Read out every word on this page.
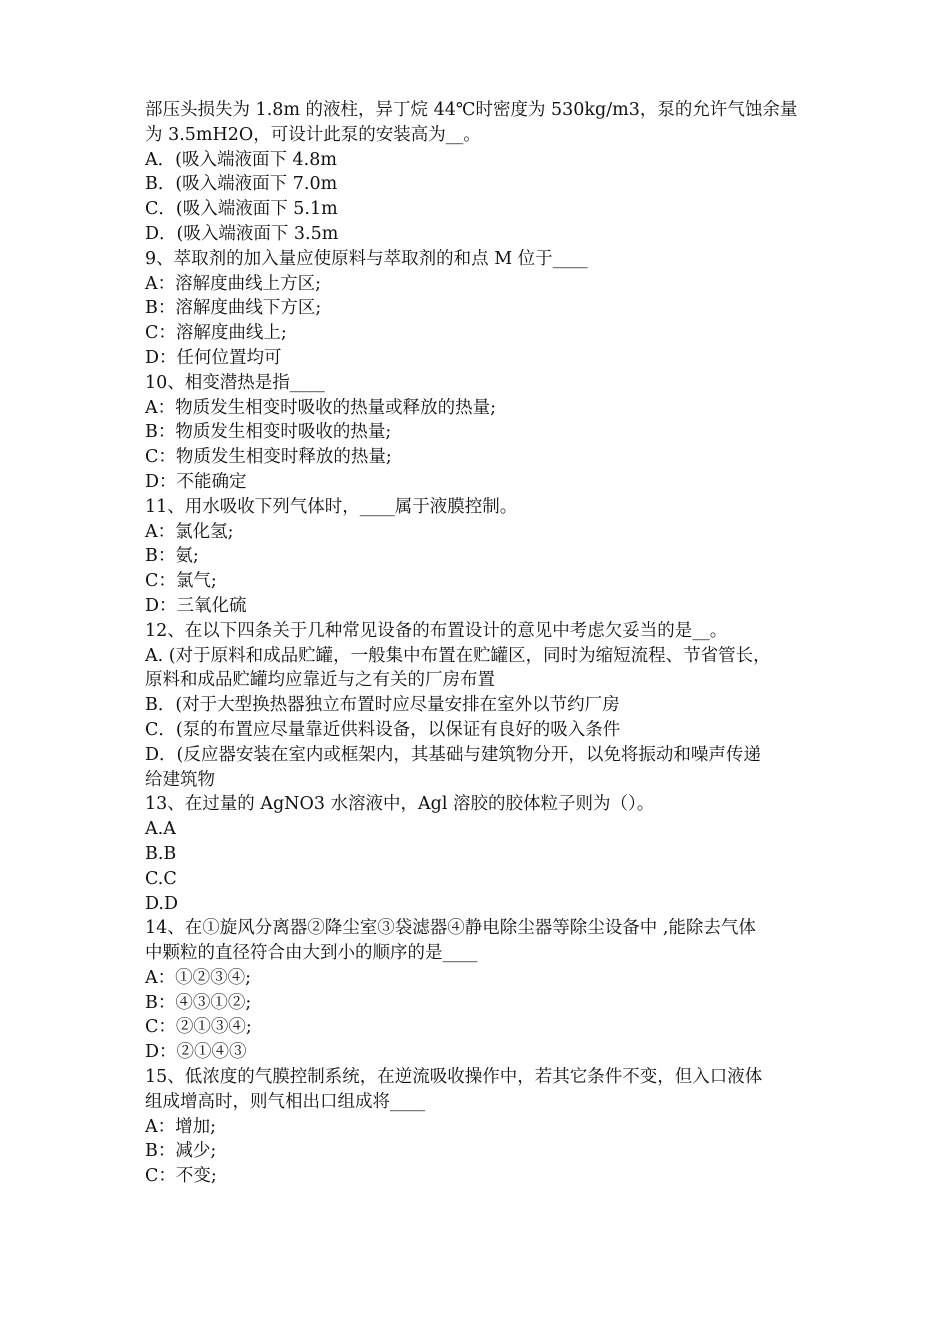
部压头损失为 1.8m 的液柱，异丁烷 44℃时密度为 530kg/m3，泵的允许气蚀余量
为 3.5mH2O，可设计此泵的安装高为__。
A．(吸入端液面下 4.8m
B．(吸入端液面下 7.0m
C．(吸入端液面下 5.1m
D．(吸入端液面下 3.5m
9、萃取剂的加入量应使原料与萃取剂的和点 M 位于____
A：溶解度曲线上方区;
B：溶解度曲线下方区;
C：溶解度曲线上;
D：任何位置均可
10、相变潜热是指____
A：物质发生相变时吸收的热量或释放的热量;
B：物质发生相变时吸收的热量;
C：物质发生相变时释放的热量;
D：不能确定
11、用水吸收下列气体时，____属于液膜控制。
A：氯化氢;
B：氨;
C：氯气;
D：三氧化硫
12、在以下四条关于几种常见设备的布置设计的意见中考虑欠妥当的是__。
A. (对于原料和成品贮罐，一般集中布置在贮罐区，同时为缩短流程、节省管长，
原料和成品贮罐均应靠近与之有关的厂房布置
B．(对于大型换热器独立布置时应尽量安排在室外以节约厂房
C．(泵的布置应尽量靠近供料设备，以保证有良好的吸入条件
D．(反应器安装在室内或框架内，其基础与建筑物分开，以免将振动和噪声传递
给建筑物
13、在过量的 AgNO3 水溶液中，Agl 溶胶的胶体粒子则为（）。
A.A
B.B
C.C
D.D
14、在①旋风分离器②降尘室③袋滤器④静电除尘器等除尘设备中 ,能除去气体
中颗粒的直径符合由大到小的顺序的是____
A：①②③④;
B：④③①②;
C：②①③④;
D：②①④③
15、低浓度的气膜控制系统，在逆流吸收操作中，若其它条件不变，但入口液体
组成增高时，则气相出口组成将____
A：增加;
B：减少;
C：不变;
